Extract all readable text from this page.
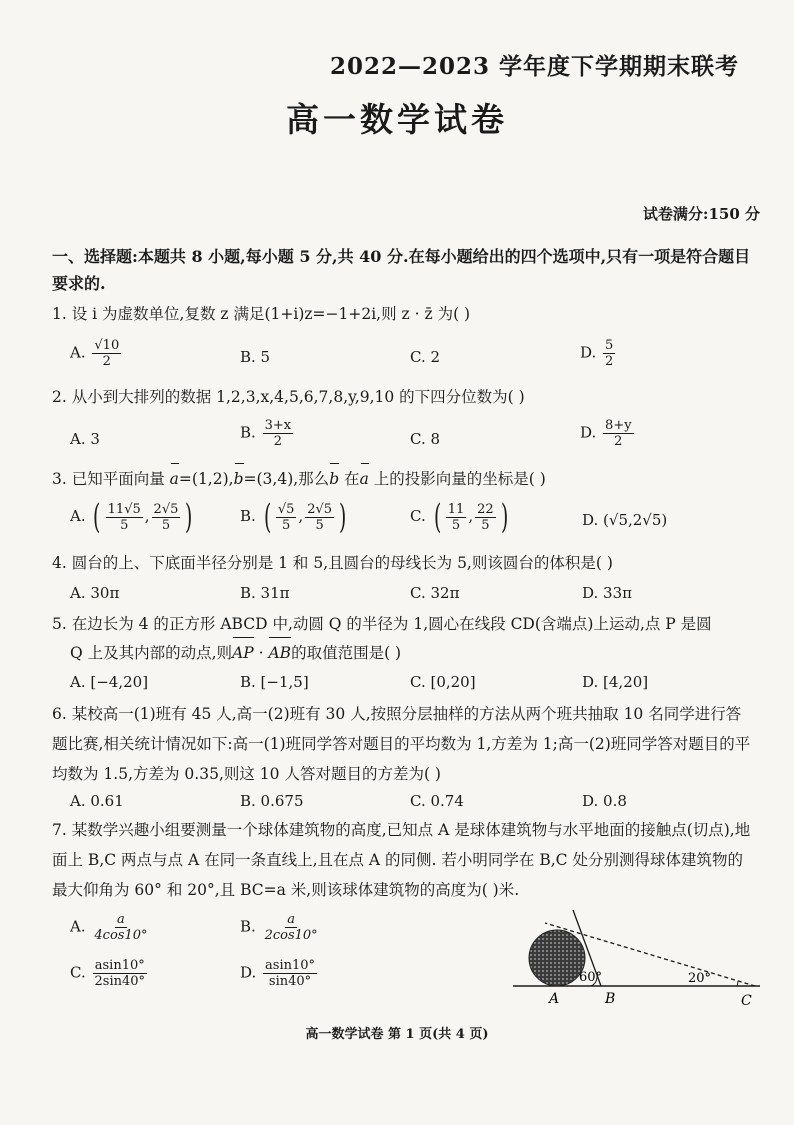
2022—2023 学年度下学期期末联考
高一数学试卷
试卷满分:150 分
一、选择题:本题共 8 小题,每小题 5 分,共 40 分.在每小题给出的四个选项中,只有一项是符合题目要求的.
1. 设 i 为虚数单位,复数 z 满足(1+i)z=−1+2i,则 z · z̄ 为( )
A. $\frac{√10}{2}$	B. 5	C. 2	D. $\frac{5}{2}$
2. 从小到大排列的数据 1,2,3,x,4,5,6,7,8,y,9,10 的下四分位数为( )
A. 3	B. $\frac{3+x}{2}$	C. 8	D. $\frac{8+y}{2}$
3. 已知平面向量 a=(1,2),b=(3,4),那么b 在a 上的投影向量的坐标是( )
A. ( $\frac{11√5}{5}$ , $\frac{2√5}{5}$ )	B. ( $\frac{√5}{5}$ , $\frac{2√5}{5}$ )	C. ( $\frac{11}{5}$ , $\frac{22}{5}$ )	D. (√5,2√5)
4. 圆台的上、下底面半径分别是 1 和 5,且圆台的母线长为 5,则该圆台的体积是( )
A. 30π	B. 31π	C. 32π	D. 33π
5. 在边长为 4 的正方形 ABCD 中,动圆 Q 的半径为 1,圆心在线段 CD(含端点)上运动,点 P 是圆
Q 上及其内部的动点,则AP · AB的取值范围是( )
A. [−4,20]	B. [−1,5]	C. [0,20]	D. [4,20]
6. 某校高一(1)班有 45 人,高一(2)班有 30 人,按照分层抽样的方法从两个班共抽取 10 名同学进行答题比赛,相关统计情况如下:高一(1)班同学答对题目的平均数为 1,方差为 1;高一(2)班同学答对题目的平均数为 1.5,方差为 0.35,则这 10 人答对题目的方差为( )
A. 0.61	B. 0.675	C. 0.74	D. 0.8
7. 某数学兴趣小组要测量一个球体建筑物的高度,已知点 A 是球体建筑物与水平地面的接触点(切点),地面上 B,C 两点与点 A 在同一条直线上,且在点 A 的同侧. 若小明同学在 B,C 处分别测得球体建筑物的最大仰角为 60° 和 20°,且 BC=a 米,则该球体建筑物的高度为( )米.
A. $\frac{a}{4\cos 10^\circ}$	B. $\frac{a}{2\cos 10^\circ}$
C. $\frac{asin10^\circ}{2\sin 40^\circ}$	D. $\frac{asin10^\circ}{\sin 40^\circ}$	60°	20°
A	B	C
高一数学试卷 第 1 页(共 4 页)
